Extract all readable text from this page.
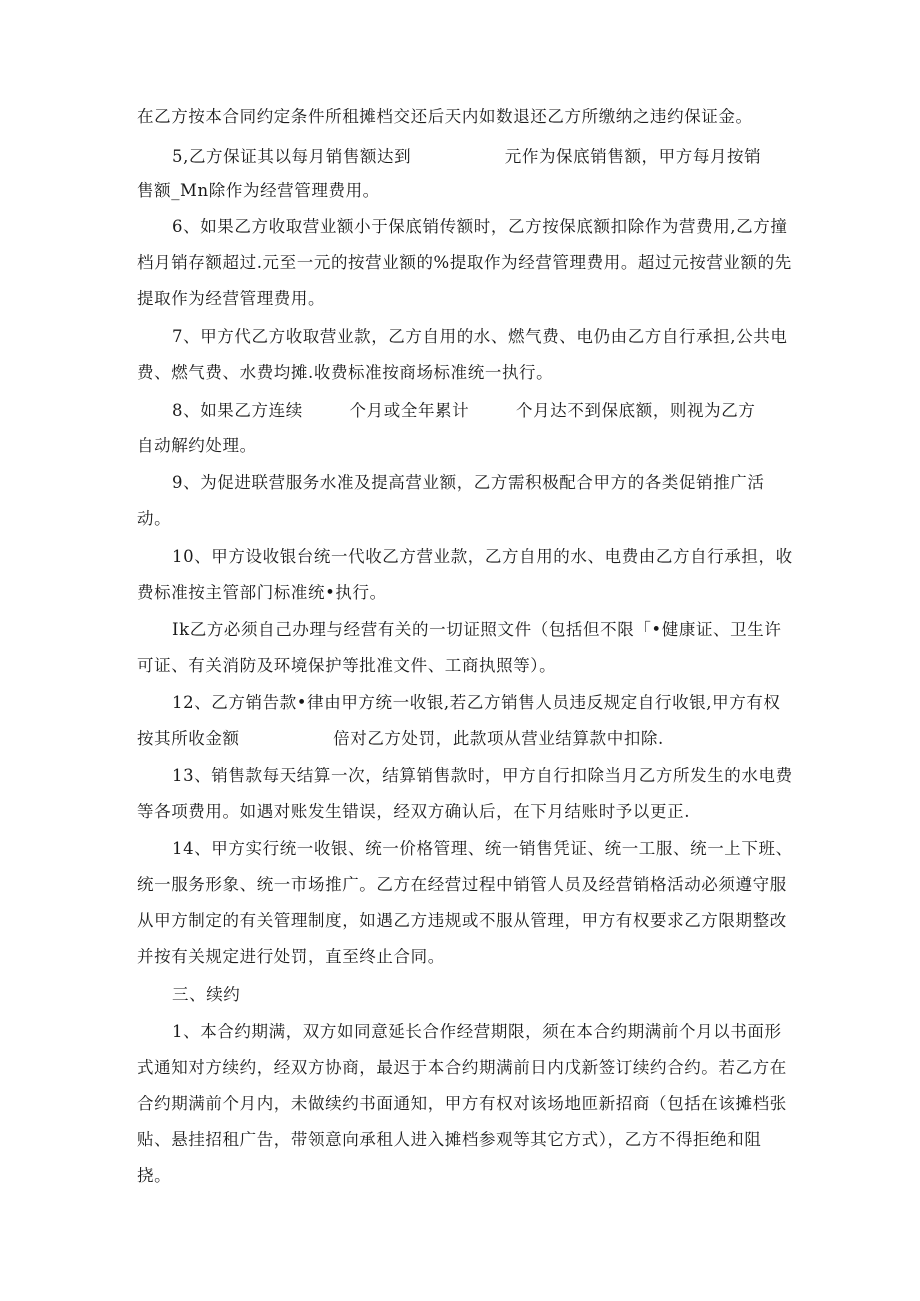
在乙方按本合同约定条件所租摊档交还后天内如数退还乙方所缴纳之违约保证金。
5,乙方保证其以每月销售额达到                元作为保底销售额，甲方每月按销
售额_Mn除作为经营管理费用。
6、如果乙方收取营业额小于保底销传额时，乙方按保底额扣除作为营费用,乙方撞
档月销存额超过.元至一元的按营业额的%提取作为经营管理费用。超过元按营业额的先
提取作为经营管理费用。
7、甲方代乙方收取营业款，乙方自用的水、燃气费、电仍由乙方自行承担,公共电
费、燃气费、水费均摊.收费标准按商场标准统一执行。
8、如果乙方连续        个月或全年累计        个月达不到保底额，则视为乙方
自动解约处理。
9、为促进联营服务水准及提高营业额，乙方需积极配合甲方的各类促销推广活
动。
10、甲方设收银台统一代收乙方营业款，乙方自用的水、电费由乙方自行承担，收
费标准按主管部门标准统•执行。
Ik乙方必须自己办理与经营有关的一切证照文件（包括但不限「•健康证、卫生许
可证、有关消防及环境保护等批准文件、工商执照等）。
12、乙方销告款•律由甲方统一收银,若乙方销售人员违反规定自行收银,甲方有权
按其所收金额                倍对乙方处罚，此款项从营业结算款中扣除.
13、销售款每天结算一次，结算销售款时，甲方自行扣除当月乙方所发生的水电费
等各项费用。如遇对账发生错误，经双方确认后，在下月结账时予以更正.
14、甲方实行统一收银、统一价格管理、统一销售凭证、统一工服、统一上下班、
统一服务形象、统一市场推广。乙方在经营过程中销管人员及经营销格活动必须遵守服
从甲方制定的有关管理制度，如遇乙方违规或不服从管理，甲方有权要求乙方限期整改
并按有关规定进行处罚，直至终止合同。
三、续约
1、本合约期满，双方如同意延长合作经营期限，须在本合约期满前个月以书面形
式通知对方续约，经双方协商，最迟于本合约期满前日内戊新签订续约合约。若乙方在
合约期满前个月内，未做续约书面通知，甲方有权对该场地匝新招商（包括在该摊档张
贴、悬挂招租广告，带领意向承租人进入摊档参观等其它方式），乙方不得拒绝和阻
挠。
